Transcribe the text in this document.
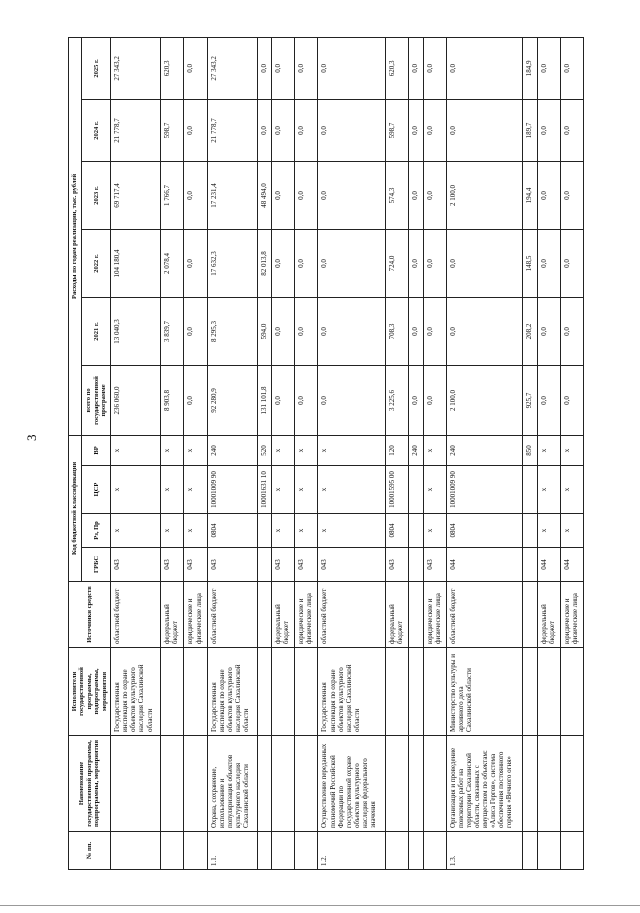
3
№ пп.	Наименование государственной программы, подпрограммы, мероприятия	Исполнители государственной программы, подпрограммы, мероприятия	Источники средств	Код бюджетной классификации				Расходы по годам реализации, тыс. рублей					
				ГРБС	Рз, Пр	ЦСР	ВР	всего по государственной программе	2021 г.	2022 г.	2023 г.	2024 г.	2025 г.
		Государственная инспекция по охране объектов культурного наследия Сахалинской области	областной бюджет	043	x	x	x	236 060,0	13 040,3	104 180,4	69 717,4	21 778,7	27 343,2
			федеральный бюджет	043	x	x	x	8 903,8	3 839,7	2 078,4	1 766,7	598,7	620,3
			юридические и физические лица	043	x	x	x	0,0	0,0	0,0	0,0	0,0	0,0
1.1.	Охрана, сохранение, использование и популяризация объектов культурного наследия Сахалинской области	Государственная инспекция по охране объектов культурного наследия Сахалинской области	областной бюджет	043	0804	10001009 90	240	92 280,9	8 295,3	17 632,3	17 231,4	21 778,7	27 343,2
						10001631 10	520	131 101,8	594,0	82 013,8	48 494,0	0,0	0,0
			федеральный бюджет	043	x	x	x	0,0	0,0	0,0	0,0	0,0	0,0
			юридические и физические лица	043	x	x	x	0,0	0,0	0,0	0,0	0,0	0,0
1.2.	Осуществление переданных полномочий Российской Федерации по государственной охране объектов культурного наследия федерального значения	Государственная инспекция по охране объектов культурного наследия Сахалинской области	областной бюджет	043	x	x	x	0,0	0,0	0,0	0,0	0,0	0,0
			федеральный бюджет	043	0804	10001595 00	120	3 225,6	708,3	724,0	574,3	598,7	620,3
							240	0,0	0,0	0,0	0,0	0,0	0,0
			юридические и физические лица	043	x	x	x	0,0	0,0	0,0	0,0	0,0	0,0
1.3.	Организация и проведение поисковых работ на территории Сахалинской области, связанных с имуществом по объектам: «Алиса Гергов», система обеспечения постоянного горения «Вечного огня»	Министерство культуры и архивного дела Сахалинской области	областной бюджет	044	0804	10001009 90	240	2 100,0	0,0	0,0	2 100,0	0,0	0,0
							850	925,7	208,2	148,5	194,4	189,7	184,9
			федеральный бюджет	044	x	x	x	0,0	0,0	0,0	0,0	0,0	0,0
			юридические и физические лица	044	x	x	x	0,0	0,0	0,0	0,0	0,0	0,0
